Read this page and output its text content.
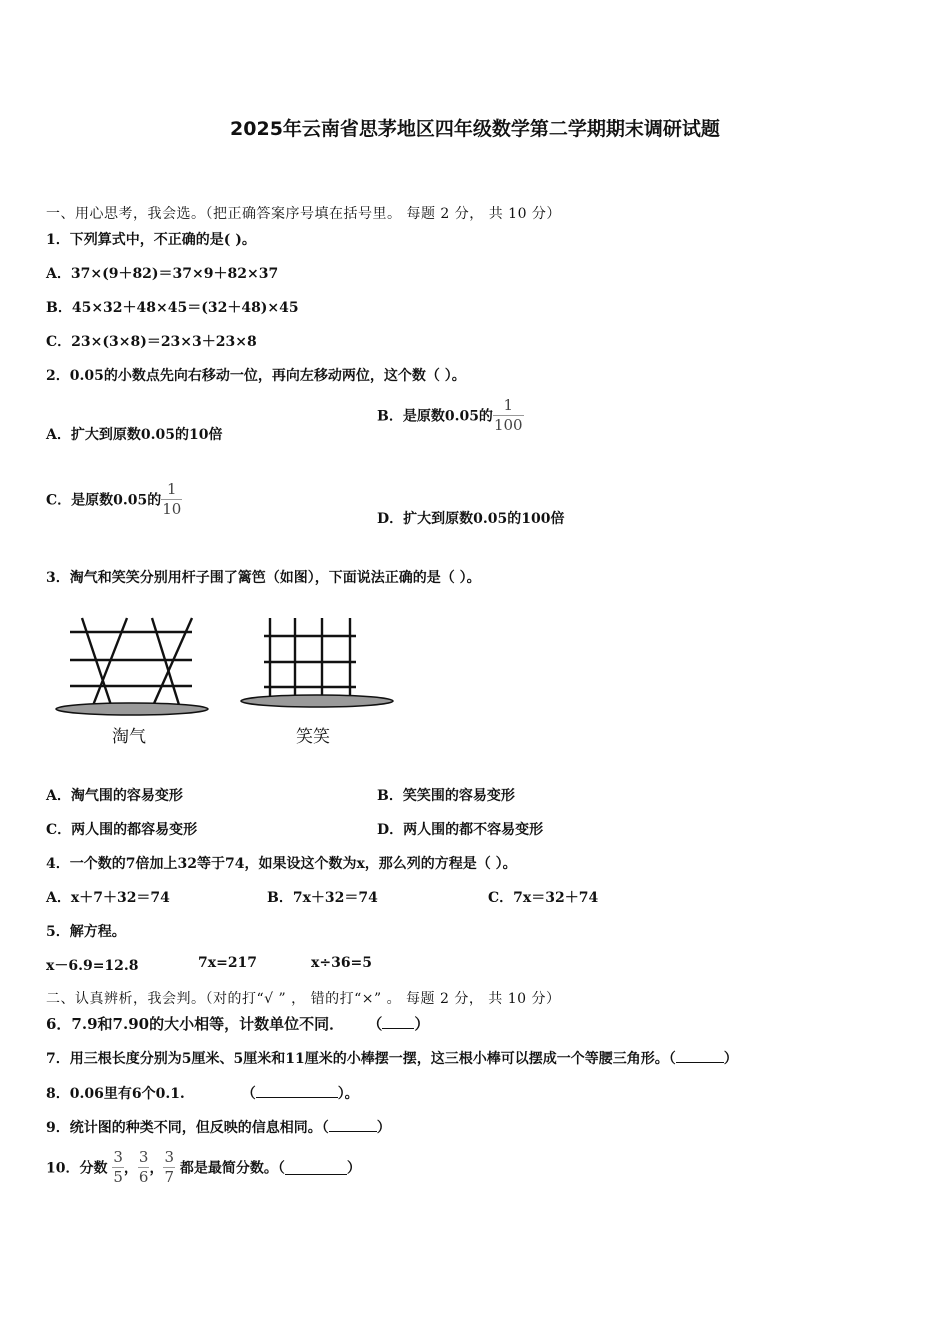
2025年云南省思茅地区四年级数学第二学期期末调研试题
一、用心思考，我会选。（把正确答案序号填在括号里。 每题 2 分， 共 10 分）
1．下列算式中，不正确的是( )。
A．37×(9＋82)＝37×9＋82×37
B．45×32＋48×45＝(32＋48)×45
C．23×(3×8)＝23×3＋23×8
2．0.05的小数点先向右移动一位，再向左移动两位，这个数（ ）。
A．扩大到原数0.05的10倍
B．是原数0.05的 $\frac{1}{100}$
C．是原数0.05的 $\frac{1}{10}$
D．扩大到原数0.05的100倍
3．淘气和笑笑分别用杆子围了篱笆（如图），下面说法正确的是（ ）。
淘气	笑笑
A．淘气围的容易变形	B．笑笑围的容易变形
C．两人围的都容易变形	D．两人围的都不容易变形
4．一个数的7倍加上32等于74，如果设这个数为x，那么列的方程是（ ）。
A．x＋7＋32＝74	B．7x＋32＝74	C．7x＝32＋74
5．解方程。
x－6.9=12.8	7x=217	x÷36=5
二、认真辨析，我会判。（对的打“√ ” ， 错的打“×” 。 每题 2 分， 共 10 分）
6．7.9和7.90的大小相等，计数单位不同． （ ）
7．用三根长度分别为5厘米、5厘米和11厘米的小棒摆一摆，这三根小棒可以摆成一个等腰三角形。（	）
8．0.06里有6个0.1.	（	）。
9．统计图的种类不同，但反映的信息相同。（	）
10．分数 $\frac{3}{5}$ ， $\frac{3}{6}$ ， $\frac{3}{7}$ 都是最简分数。（	）
